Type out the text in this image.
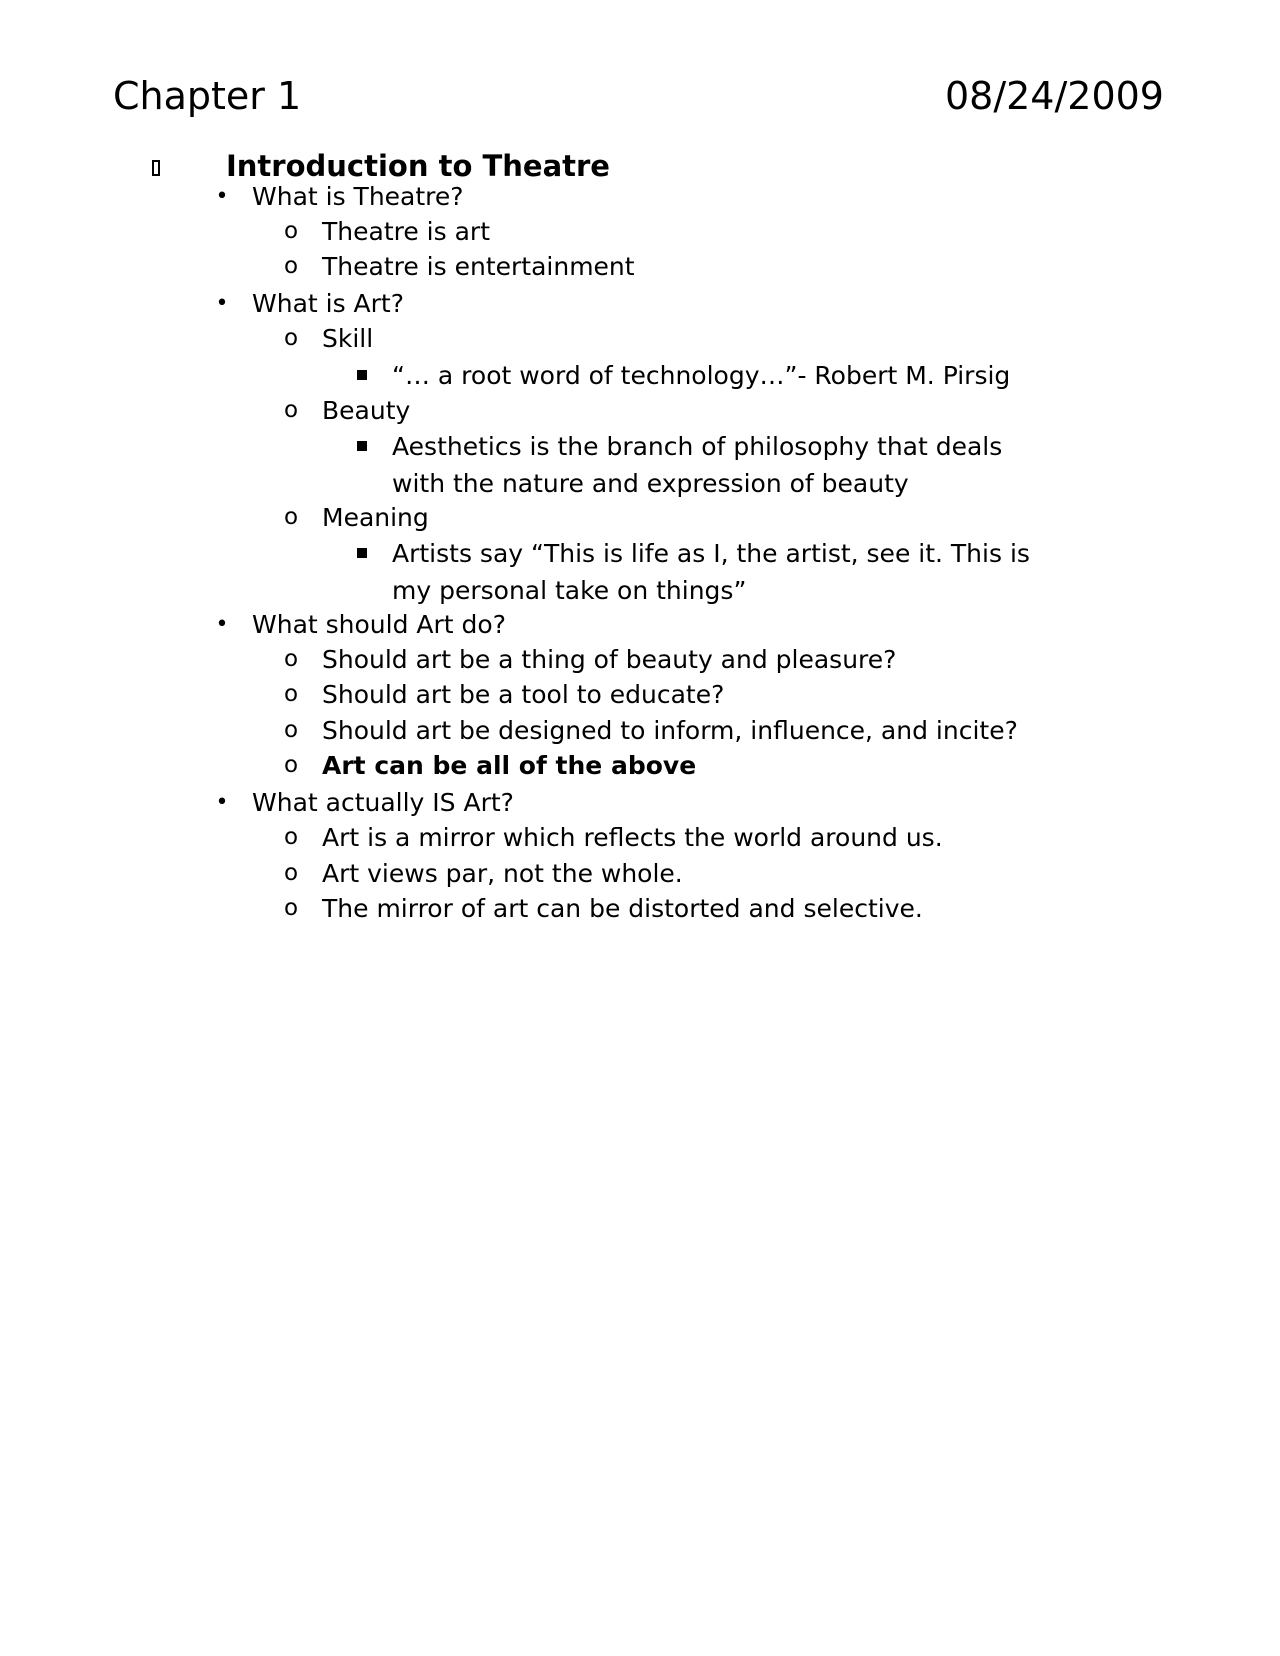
Chapter 1	08/24/2009
Introduction to Theatre
• What is Theatre?
o Theatre is art
o Theatre is entertainment
• What is Art?
o Skill
“… a root word of technology…”- Robert M. Pirsig
o Beauty
Aesthetics is the branch of philosophy that deals with the nature and expression of beauty
o Meaning
Artists say “This is life as I, the artist, see it. This is my personal take on things”
• What should Art do?
o Should art be a thing of beauty and pleasure?
o Should art be a tool to educate?
o Should art be designed to inform, influence, and incite?
o Art can be all of the above
• What actually IS Art?
o Art is a mirror which reflects the world around us.
o Art views par, not the whole.
o The mirror of art can be distorted and selective.
